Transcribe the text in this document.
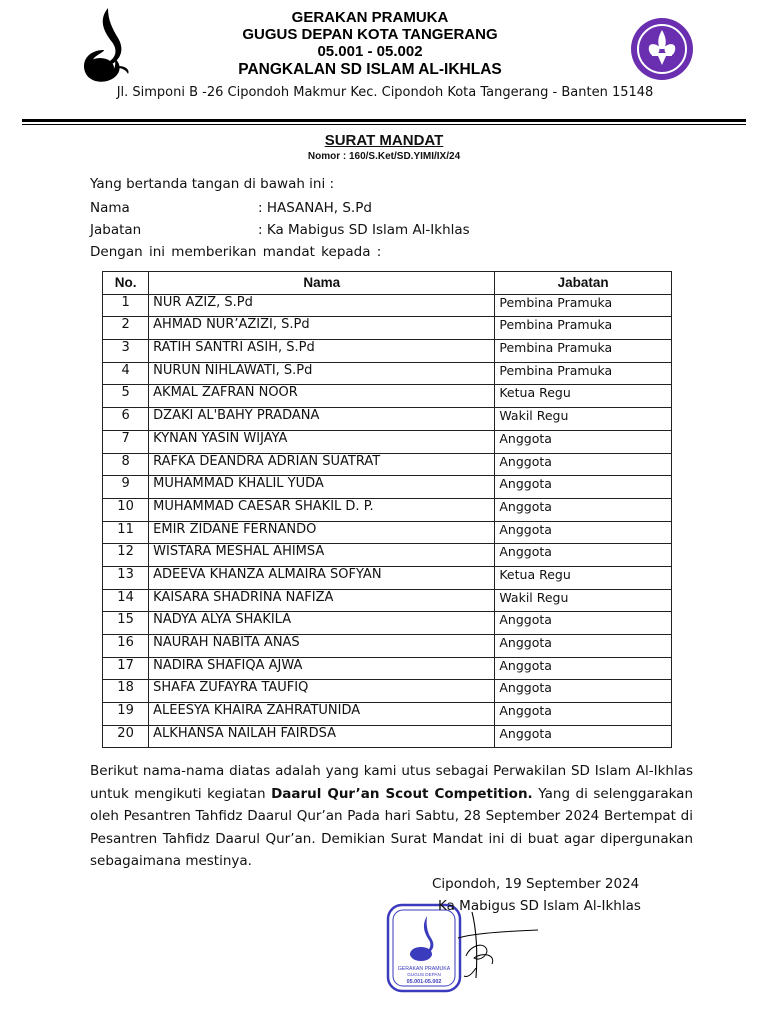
GERAKAN PRAMUKA
GUGUS DEPAN KOTA TANGERANG
05.001 - 05.002
PANGKALAN SD ISLAM AL-IKHLAS
Jl. Simponi B -26 Cipondoh Makmur Kec. Cipondoh Kota Tangerang - Banten 15148
SURAT MANDAT
Nomor : 160/S.Ket/SD.YIMI/IX/24
Yang bertanda tangan di bawah ini :
Nama	: HASANAH, S.Pd
Jabatan	: Ka Mabigus SD Islam Al-Ikhlas
Dengan ini memberikan mandat kepada :
No.	Nama	Jabatan
1	NUR AZIZ, S.Pd	Pembina Pramuka
2	AHMAD NUR’AZIZI, S.Pd	Pembina Pramuka
3	RATIH SANTRI ASIH, S.Pd	Pembina Pramuka
4	NURUN NIHLAWATI, S.Pd	Pembina Pramuka
5	AKMAL ZAFRAN NOOR	Ketua Regu
6	DZAKI AL'BAHY PRADANA	Wakil Regu
7	KYNAN YASIN WIJAYA	Anggota
8	RAFKA DEANDRA ADRIAN SUATRAT	Anggota
9	MUHAMMAD KHALIL YUDA	Anggota
10	MUHAMMAD CAESAR SHAKIL D. P.	Anggota
11	EMIR ZIDANE FERNANDO	Anggota
12	WISTARA MESHAL AHIMSA	Anggota
13	ADEEVA KHANZA ALMAIRA SOFYAN	Ketua Regu
14	KAISARA SHADRINA NAFIZA	Wakil Regu
15	NADYA ALYA SHAKILA	Anggota
16	NAURAH NABITA ANAS	Anggota
17	NADIRA SHAFIQA AJWA	Anggota
18	SHAFA ZUFAYRA TAUFIQ	Anggota
19	ALEESYA KHAIRA ZAHRATUNIDA	Anggota
20	ALKHANSA NAILAH FAIRDSA	Anggota
Berikut nama-nama diatas adalah yang kami utus sebagai Perwakilan SD Islam Al-Ikhlas untuk mengikuti kegiatan Daarul Qur’an Scout Competition. Yang di selenggarakan oleh Pesantren Tahfidz Daarul Qur’an Pada hari Sabtu, 28 September 2024 Bertempat di Pesantren Tahfidz Daarul Qur’an. Demikian Surat Mandat ini di buat agar dipergunakan sebagaimana mestinya.
GERAKAN PRAMUKA
GUGUS DEPAN
05.001-05.002
Cipondoh, 19 September 2024
Ka Mabigus SD Islam Al-Ikhlas
